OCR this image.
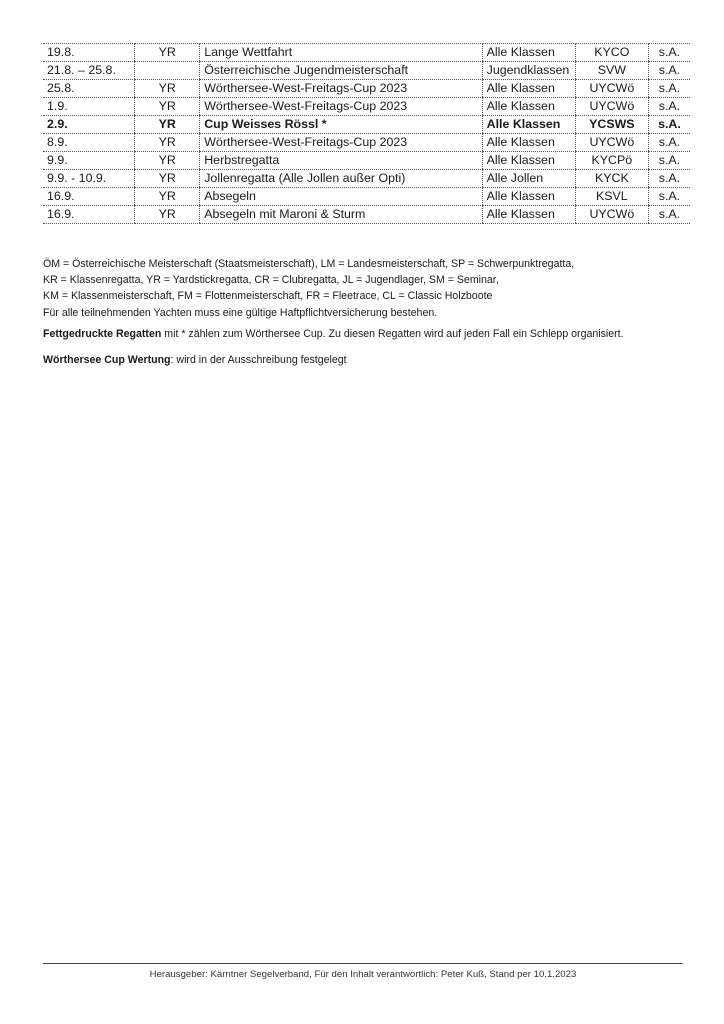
19.8.	YR	Lange Wettfahrt	Alle Klassen	KYCO	s.A.
21.8. – 25.8.		Österreichische Jugendmeisterschaft	Jugendklassen	SVW	s.A.
25.8.	YR	Wörthersee-West-Freitags-Cup 2023	Alle Klassen	UYCWö	s.A.
1.9.	YR	Wörthersee-West-Freitags-Cup 2023	Alle Klassen	UYCWö	s.A.
2.9.	YR	Cup Weisses Rössl *	Alle Klassen	YCSWS	s.A.
8.9.	YR	Wörthersee-West-Freitags-Cup 2023	Alle Klassen	UYCWö	s.A.
9.9.	YR	Herbstregatta	Alle Klassen	KYCPö	s.A.
9.9. - 10.9.	YR	Jollenregatta (Alle Jollen außer Opti)	Alle Jollen	KYCK	s.A.
16.9.	YR	Absegeln	Alle Klassen	KSVL	s.A.
16.9.	YR	Absegeln mit Maroni & Sturm	Alle Klassen	UYCWö	s.A.
ÖM = Österreichische Meisterschaft (Staatsmeisterschaft), LM = Landesmeisterschaft, SP = Schwerpunktregatta,
KR = Klassenregatta, YR = Yardstickregatta, CR = Clubregatta, JL = Jugendlager, SM = Seminar,
KM = Klassenmeisterschaft, FM = Flottenmeisterschaft, FR = Fleetrace, CL = Classic Holzboote
Für alle teilnehmenden Yachten muss eine gültige Haftpflichtversicherung bestehen.
Fettgedruckte Regatten mit * zählen zum Wörthersee Cup. Zu diesen Regatten wird auf jeden Fall ein Schlepp organisiert.
Wörthersee Cup Wertung: wird in der Ausschreibung festgelegt
Herausgeber: Kärntner Segelverband, Für den Inhalt verantwortlich: Peter Kuß, Stand per 10.1.2023
